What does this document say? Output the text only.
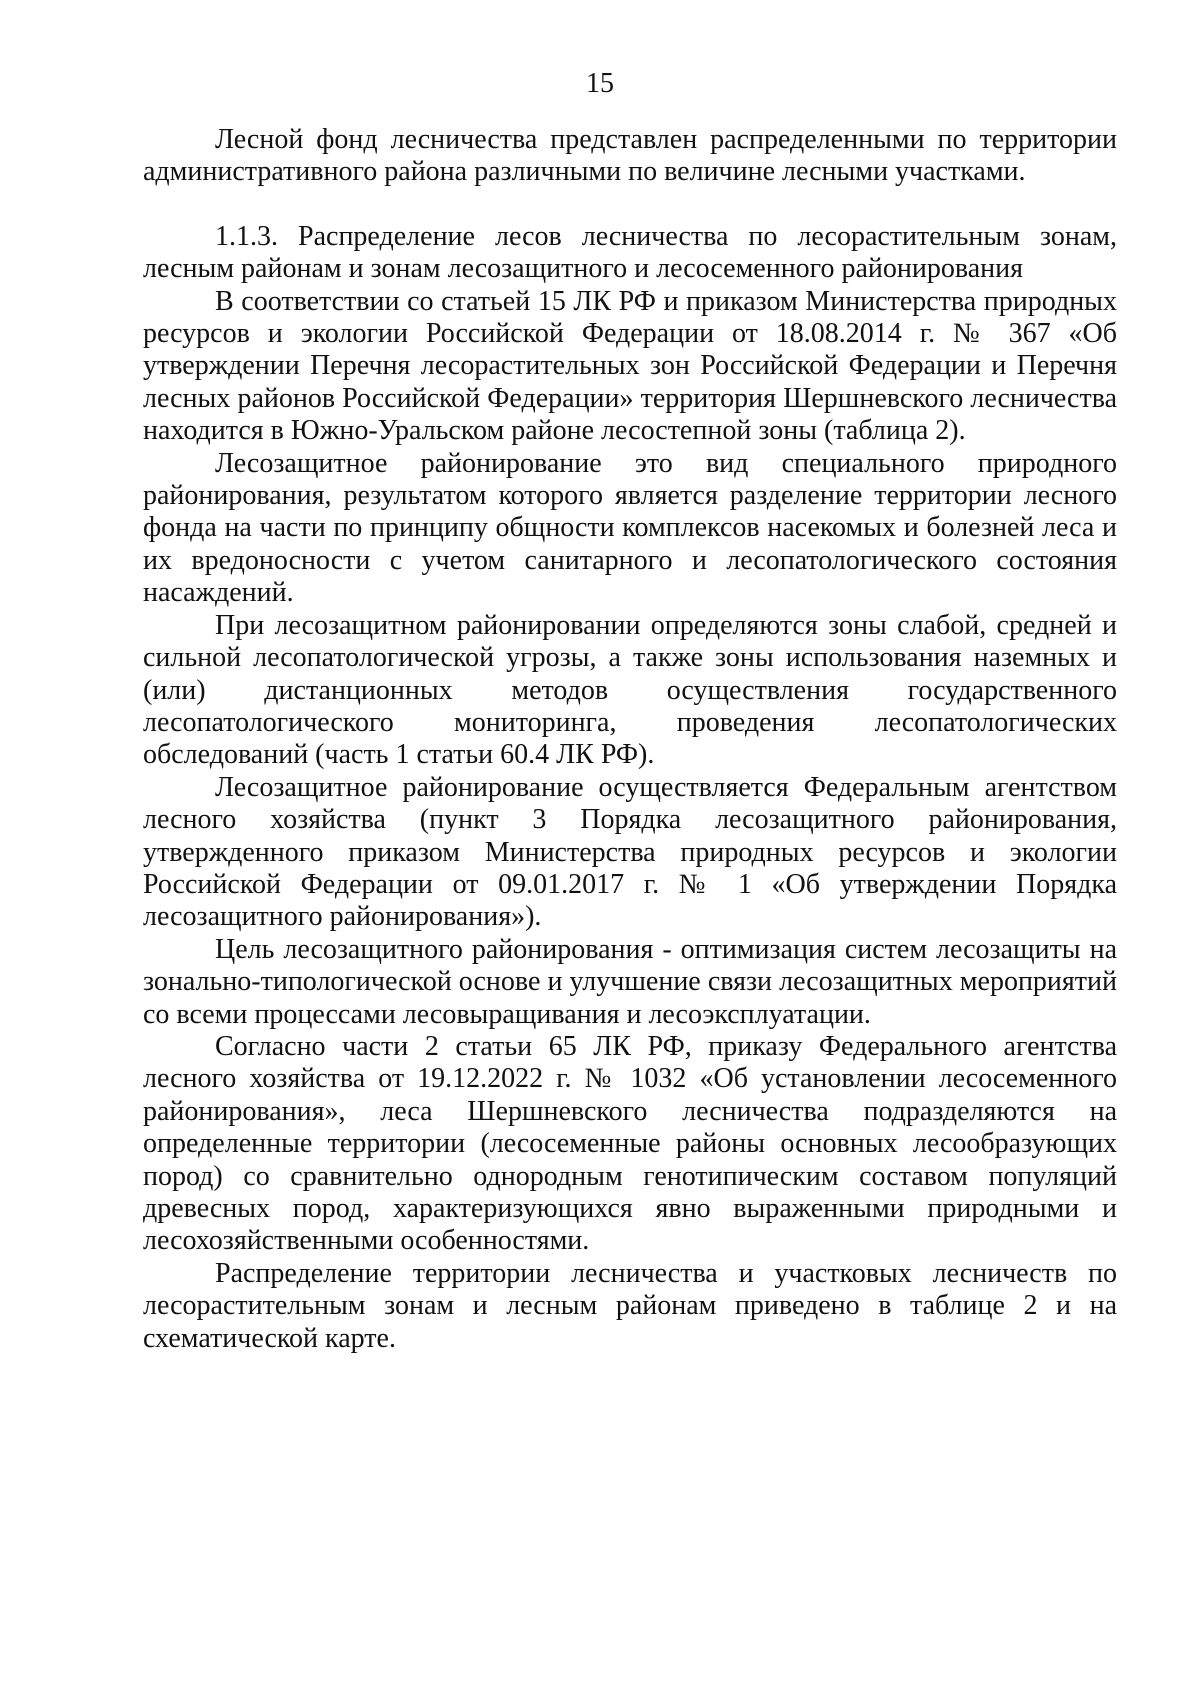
15

Лесной фонд лесничества представлен распределенными по территории административного района различными по величине лесными участками.

1.1.3. Распределение лесов лесничества по лесорастительным зонам, лесным районам и зонам лесозащитного и лесосеменного районирования

В соответствии со статьей 15 ЛК РФ и приказом Министерства природных ресурсов и экологии Российской Федерации от 18.08.2014 г. № 367 «Об утверждении Перечня лесорастительных зон Российской Федерации и Перечня лесных районов Российской Федерации» территория Шершневского лесничества находится в Южно-Уральском районе лесостепной зоны (таблица 2).

Лесозащитное районирование это вид специального природного районирования, результатом которого является разделение территории лесного фонда на части по принципу общности комплексов насекомых и болезней леса и их вредоносности с учетом санитарного и лесопатологического состояния насаждений.

При лесозащитном районировании определяются зоны слабой, средней и сильной лесопатологической угрозы, а также зоны использования наземных и (или) дистанционных методов осуществления государственного лесопатологического мониторинга, проведения лесопатологических обследований (часть 1 статьи 60.4 ЛК РФ).

Лесозащитное районирование осуществляется Федеральным агентством лесного хозяйства (пункт 3 Порядка лесозащитного районирования, утвержденного приказом Министерства природных ресурсов и экологии Российской Федерации от 09.01.2017 г. № 1 «Об утверждении Порядка лесозащитного районирования»).

Цель лесозащитного районирования - оптимизация систем лесозащиты на зонально-типологической основе и улучшение связи лесозащитных мероприятий со всеми процессами лесовыращивания и лесоэксплуатации.

Согласно части 2 статьи 65 ЛК РФ, приказу Федерального агентства лесного хозяйства от 19.12.2022 г. № 1032 «Об установлении лесосеменного районирования», леса Шершневского лесничества подразделяются на определенные территории (лесосеменные районы основных лесообразующих пород) со сравнительно однородным генотипическим составом популяций древесных пород, характеризующихся явно выраженными природными и лесохозяйственными особенностями.

Распределение территории лесничества и участковых лесничеств по лесорастительным зонам и лесным районам приведено в таблице 2 и на схематической карте.
